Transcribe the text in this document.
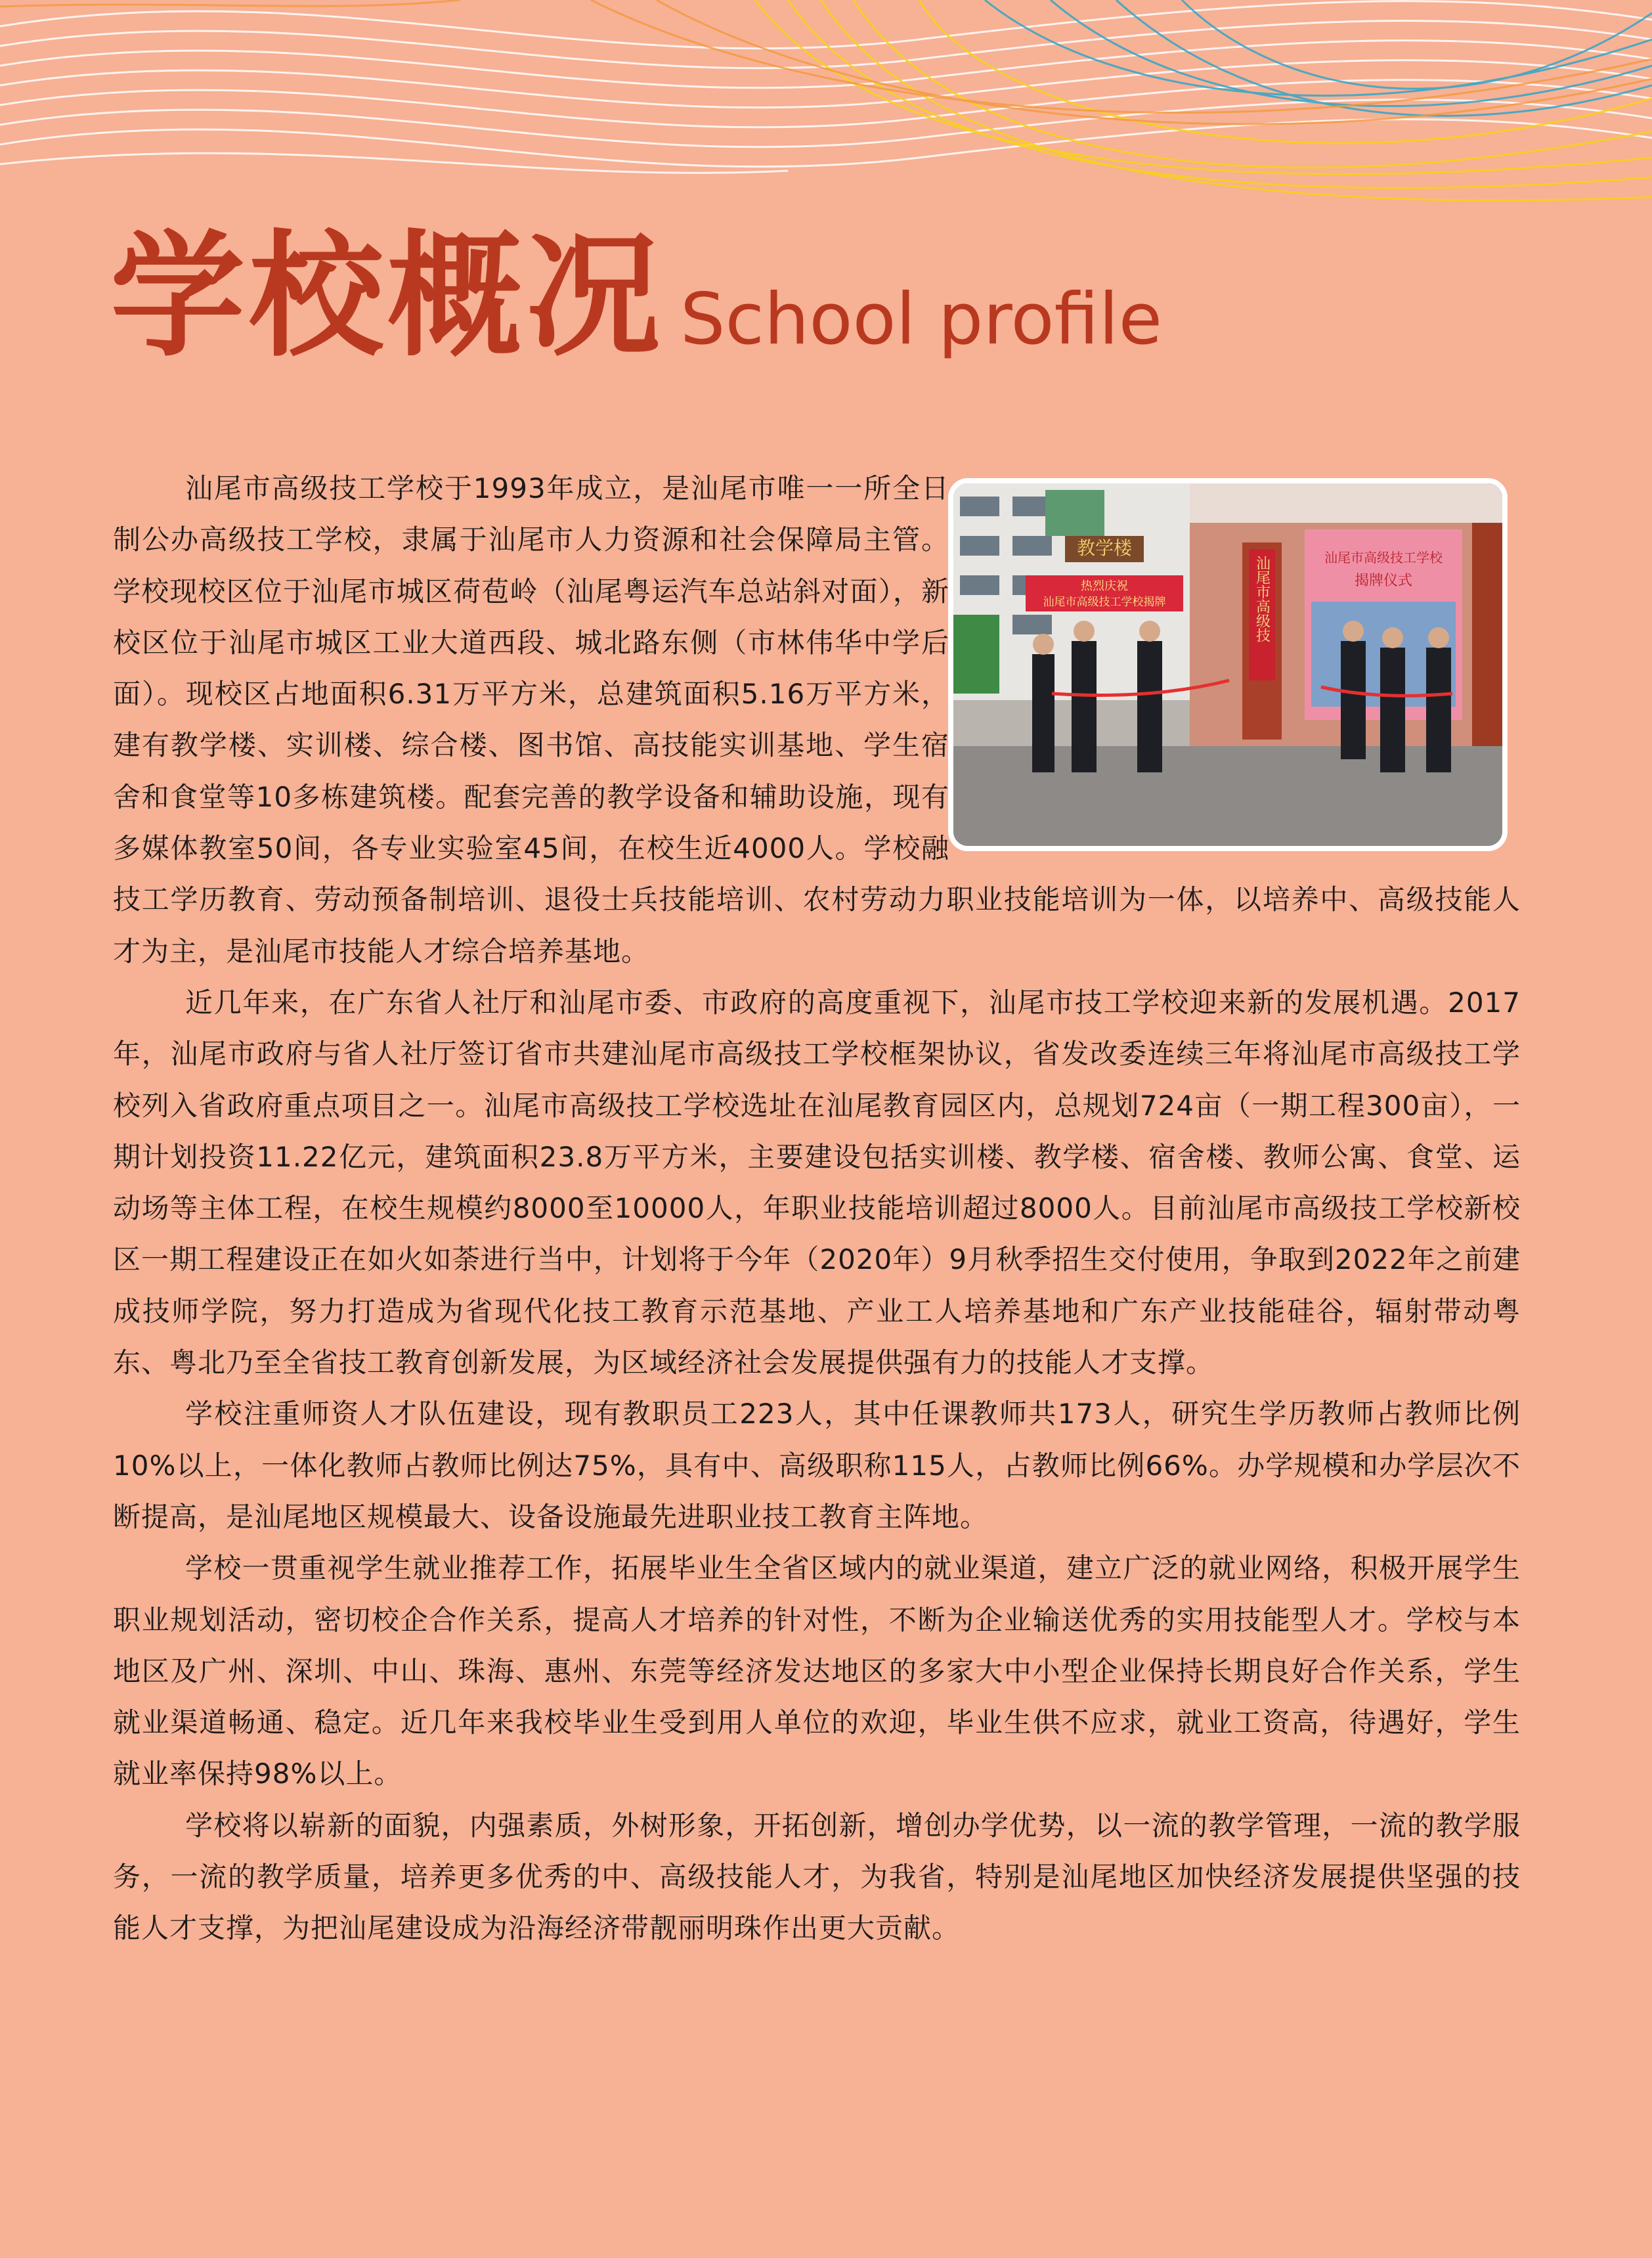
学校概况 School profile
教学楼
热烈庆祝
汕尾市高级技工学校揭牌	汕尾市高级技	汕尾市高级技工学校
揭牌仪式

汕尾市高级技工学校于1993年成立，是汕尾市唯一一所全日制公办高级技工学校，隶属于汕尾市人力资源和社会保障局主管。学校现校区位于汕尾市城区荷苞岭（汕尾粤运汽车总站斜对面），新校区位于汕尾市城区工业大道西段、城北路东侧（市林伟华中学后面）。现校区占地面积6.31万平方米，总建筑面积5.16万平方米，建有教学楼、实训楼、综合楼、图书馆、高技能实训基地、学生宿舍和食堂等10多栋建筑楼。配套完善的教学设备和辅助设施，现有多媒体教室50间，各专业实验室45间，在校生近4000人。学校融技工学历教育、劳动预备制培训、退役士兵技能培训、农村劳动力职业技能培训为一体，以培养中、高级技能人才为主，是汕尾市技能人才综合培养基地。

近几年来，在广东省人社厅和汕尾市委、市政府的高度重视下，汕尾市技工学校迎来新的发展机遇。2017年，汕尾市政府与省人社厅签订省市共建汕尾市高级技工学校框架协议，省发改委连续三年将汕尾市高级技工学校列入省政府重点项目之一。汕尾市高级技工学校选址在汕尾教育园区内，总规划724亩（一期工程300亩），一期计划投资11.22亿元，建筑面积23.8万平方米，主要建设包括实训楼、教学楼、宿舍楼、教师公寓、食堂、运动场等主体工程，在校生规模约8000至10000人，年职业技能培训超过8000人。目前汕尾市高级技工学校新校区一期工程建设正在如火如荼进行当中，计划将于今年（2020年）9月秋季招生交付使用，争取到2022年之前建成技师学院，努力打造成为省现代化技工教育示范基地、产业工人培养基地和广东产业技能硅谷，辐射带动粤东、粤北乃至全省技工教育创新发展，为区域经济社会发展提供强有力的技能人才支撑。

学校注重师资人才队伍建设，现有教职员工223人，其中任课教师共173人，研究生学历教师占教师比例10%以上，一体化教师占教师比例达75%，具有中、高级职称115人，占教师比例66%。办学规模和办学层次不断提高，是汕尾地区规模最大、设备设施最先进职业技工教育主阵地。

学校一贯重视学生就业推荐工作，拓展毕业生全省区域内的就业渠道，建立广泛的就业网络，积极开展学生职业规划活动，密切校企合作关系，提高人才培养的针对性，不断为企业输送优秀的实用技能型人才。学校与本地区及广州、深圳、中山、珠海、惠州、东莞等经济发达地区的多家大中小型企业保持长期良好合作关系，学生就业渠道畅通、稳定。近几年来我校毕业生受到用人单位的欢迎，毕业生供不应求，就业工资高，待遇好，学生就业率保持98%以上。

学校将以崭新的面貌，内强素质，外树形象，开拓创新，增创办学优势，以一流的教学管理，一流的教学服务，一流的教学质量，培养更多优秀的中、高级技能人才，为我省，特别是汕尾地区加快经济发展提供坚强的技能人才支撑，为把汕尾建设成为沿海经济带靓丽明珠作出更大贡献。
